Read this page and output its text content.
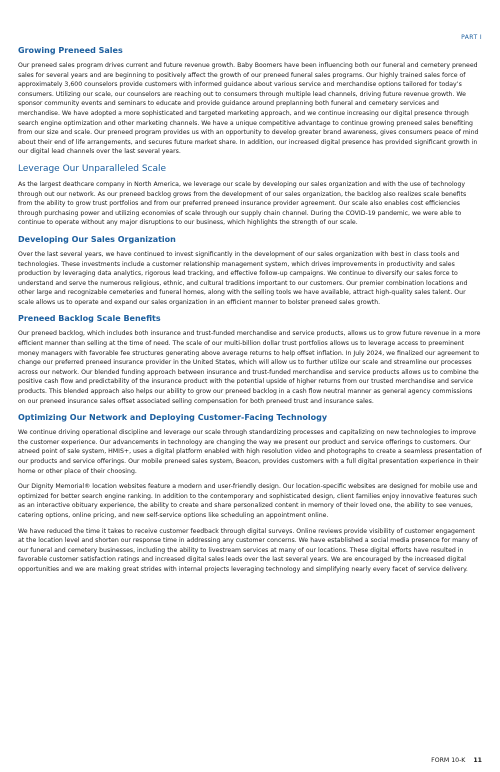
PART I
Growing Preneed Sales

Our preneed sales program drives current and future revenue growth. Baby Boomers have been influencing both our funeral and cemetery preneed sales for several years and are beginning to positively affect the growth of our preneed funeral sales programs. Our highly trained sales force of approximately 3,600 counselors provide customers with informed guidance about various service and merchandise options tailored for today’s consumers. Utilizing our scale, our counselors are reaching out to consumers through multiple lead channels, driving future revenue growth. We sponsor community events and seminars to educate and provide guidance around preplanning both funeral and cemetery services and merchandise. We have adopted a more sophisticated and targeted marketing approach, and we continue increasing our digital presence through search engine optimization and other marketing channels. We have a unique competitive advantage to continue growing preneed sales benefiting from our size and scale. Our preneed program provides us with an opportunity to develop greater brand awareness, gives consumers peace of mind about their end of life arrangements, and secures future market share. In addition, our increased digital presence has provided significant growth in our digital lead channels over the last several years.

Leverage Our Unparalleled Scale

As the largest deathcare company in North America, we leverage our scale by developing our sales organization and with the use of technology through out our network. As our preneed backlog grows from the development of our sales organization, the backlog also realizes scale benefits from the ability to grow trust portfolios and from our preferred preneed insurance provider agreement. Our scale also enables cost efficiencies through purchasing power and utilizing economies of scale through our supply chain channel. During the COVID-19 pandemic, we were able to continue to operate without any major disruptions to our business, which highlights the strength of our scale.

Developing Our Sales Organization

Over the last several years, we have continued to invest significantly in the development of our sales organization with best in class tools and technologies. These investments include a customer relationship management system, which drives improvements in productivity and sales production by leveraging data analytics, rigorous lead tracking, and effective follow-up campaigns. We continue to diversify our sales force to understand and serve the numerous religious, ethnic, and cultural traditions important to our customers. Our premier combination locations and other large and recognizable cemeteries and funeral homes, along with the selling tools we have available, attract high-quality sales talent. Our scale allows us to operate and expand our sales organization in an efficient manner to bolster preneed sales growth.

Preneed Backlog Scale Benefits

Our preneed backlog, which includes both insurance and trust-funded merchandise and service products, allows us to grow future revenue in a more efficient manner than selling at the time of need. The scale of our multi-billion dollar trust portfolios allows us to leverage access to preeminent money managers with favorable fee structures generating above average returns to help offset inflation. In July 2024, we finalized our agreement to change our preferred preneed insurance provider in the United States, which will allow us to further utilize our scale and streamline our processes across our network. Our blended funding approach between insurance and trust-funded merchandise and service products allows us to combine the positive cash flow and predictability of the insurance product with the potential upside of higher returns from our trusted merchandise and service products. This blended approach also helps our ability to grow our preneed backlog in a cash flow neutral manner as general agency commissions on our preneed insurance sales offset associated selling compensation for both preneed trust and insurance sales.

Optimizing Our Network and Deploying Customer-Facing Technology

We continue driving operational discipline and leverage our scale through standardizing processes and capitalizing on new technologies to improve the customer experience. Our advancements in technology are changing the way we present our product and service offerings to customers. Our atneed point of sale system, HMIS+, uses a digital platform enabled with high resolution video and photographs to create a seamless presentation of our products and service offerings. Our mobile preneed sales system, Beacon, provides customers with a full digital presentation experience in their home or other place of their choosing.

Our Dignity Memorial® location websites feature a modern and user-friendly design. Our location-specific websites are designed for mobile use and optimized for better search engine ranking. In addition to the contemporary and sophisticated design, client families enjoy innovative features such as an interactive obituary experience, the ability to create and share personalized content in memory of their loved one, the ability to see venues, catering options, online pricing, and new self-service options like scheduling an appointment online.

We have reduced the time it takes to receive customer feedback through digital surveys. Online reviews provide visibility of customer engagement at the location level and shorten our response time in addressing any customer concerns. We have established a social media presence for many of our funeral and cemetery businesses, including the ability to livestream services at many of our locations. These digital efforts have resulted in favorable customer satisfaction ratings and increased digital sales leads over the last several years. We are encouraged by the increased digital opportunities and we are making great strides with internal projects leveraging technology and simplifying nearly every facet of service delivery.

FORM 10-K 11
